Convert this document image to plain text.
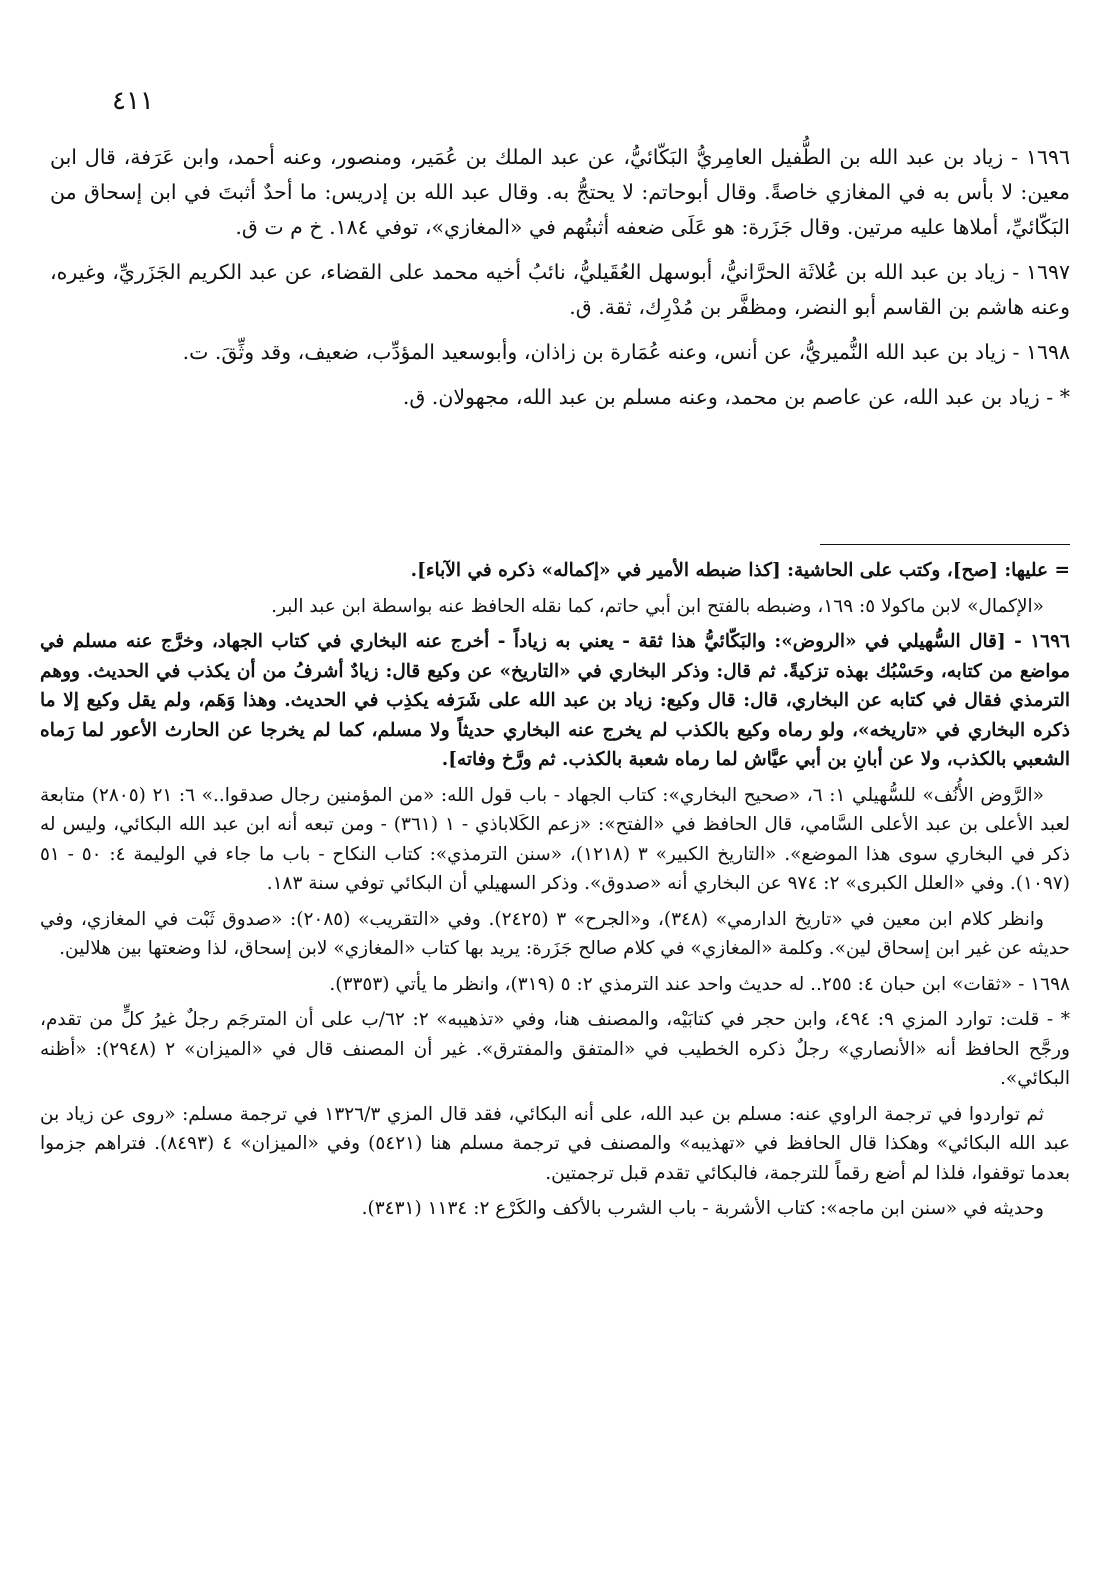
٤١١

١٦٩٦ - زياد بن عبد الله بن الطُّفيل العامِريُّ البَكّائيُّ، عن عبد الملك بن عُمَير، ومنصور، وعنه أحمد، وابن عَرَفة، قال ابن معين: لا بأس به في المغازي خاصةً. وقال أبوحاتم: لا يحتجُّ به. وقال عبد الله بن إدريس: ما أحدٌ أثبتَ في ابن إسحاق من البَكّائيِّ، أملاها عليه مرتين. وقال جَزَرة: هو عَلَى ضعفه أثبتُهم في «المغازي»، توفي ١٨٤. خ م ت ق.

١٦٩٧ - زياد بن عبد الله بن عُلاثَة الحرَّانيُّ، أبوسهل العُقَيليُّ، نائبُ أخيه محمد على القضاء، عن عبد الكريم الجَزَريِّ، وغيره، وعنه هاشم بن القاسم أبو النضر، ومظفَّر بن مُدْرِك، ثقة. ق.

١٦٩٨ - زياد بن عبد الله النُّميريُّ، عن أنس، وعنه عُمَارة بن زاذان، وأبوسعيد المؤدِّب، ضعيف، وقد وثِّقَ. ت.

* - زياد بن عبد الله، عن عاصم بن محمد، وعنه مسلم بن عبد الله، مجهولان. ق.

= عليها: [صح]، وكتب على الحاشية: [كذا ضبطه الأمير في «إكماله» ذكره في الآباء].

«الإكمال» لابن ماكولا ٥: ١٦٩، وضبطه بالفتح ابن أبي حاتم، كما نقله الحافظ عنه بواسطة ابن عبد البر.

١٦٩٦ - [قال السُّهيلي في «الروض»: والبَكّائيُّ هذا ثقة - يعني به زياداً - أخرج عنه البخاري في كتاب الجهاد، وخرَّج عنه مسلم في مواضع من كتابه، وحَسْبُك بهذه تزكيةً. ثم قال: وذكر البخاري في «التاريخ» عن وكيع قال: زيادٌ أشرفُ من أن يكذب في الحديث. ووهم الترمذي فقال في كتابه عن البخاري، قال: قال وكيع: زياد بن عبد الله على شَرَفه يكذِب في الحديث. وهذا وَهَم، ولم يقل وكيع إلا ما ذكره البخاري في «تاريخه»، ولو رماه وكيع بالكذب لم يخرج عنه البخاري حديثاً ولا مسلم، كما لم يخرجا عن الحارث الأعور لما رَماه الشعبي بالكذب، ولا عن أبانِ بن أبي عيَّاش لما رماه شعبة بالكذب. ثم ورَّخ وفاته].

«الرَّوض الأُنُف» للسُّهيلي ١: ٦، «صحيح البخاري»: كتاب الجهاد - باب قول الله: «من المؤمنين رجال صدقوا..» ٦: ٢١ (٢٨٠٥) متابعة لعبد الأعلى بن عبد الأعلى السَّامي، قال الحافظ في «الفتح»: «زعم الكَلاباذي - ١ (٣٦١) - ومن تبعه أنه ابن عبد الله البكائي، وليس له ذكر في البخاري سوى هذا الموضع». «التاريخ الكبير» ٣ (١٢١٨)، «سنن الترمذي»: كتاب النكاح - باب ما جاء في الوليمة ٤: ٥٠ - ٥١ (١٠٩٧). وفي «العلل الكبرى» ٢: ٩٧٤ عن البخاري أنه «صدوق». وذكر السهيلي أن البكائي توفي سنة ١٨٣.

وانظر كلام ابن معين في «تاريخ الدارمي» (٣٤٨)، و«الجرح» ٣ (٢٤٢٥). وفي «التقريب» (٢٠٨٥): «صدوق ثَبْت في المغازي، وفي حديثه عن غير ابن إسحاق لين». وكلمة «المغازي» في كلام صالح جَزَرة: يريد بها كتاب «المغازي» لابن إسحاق، لذا وضعتها بين هلالين.

١٦٩٨ - «ثقات» ابن حبان ٤: ٢٥٥.. له حديث واحد عند الترمذي ٢: ٥ (٣١٩)، وانظر ما يأتي (٣٣٥٣).

* - قلت: توارد المزي ٩: ٤٩٤، وابن حجر في كتابَيْه، والمصنف هنا، وفي «تذهيبه» ٢: ٦٢/ب على أن المترجَم رجلٌ غيرُ كلٍّ من تقدم، ورجَّح الحافظ أنه «الأنصاري» رجلٌ ذكره الخطيب في «المتفق والمفترق». غير أن المصنف قال في «الميزان» ٢ (٢٩٤٨): «أظنه البكائي».

ثم تواردوا في ترجمة الراوي عنه: مسلم بن عبد الله، على أنه البكائي، فقد قال المزي ١٣٢٦/٣ في ترجمة مسلم: «روى عن زياد بن عبد الله البكائي» وهكذا قال الحافظ في «تهذيبه» والمصنف في ترجمة مسلم هنا (٥٤٢١) وفي «الميزان» ٤ (٨٤٩٣). فتراهم جزموا بعدما توقفوا، فلذا لم أضع رقماً للترجمة، فالبكائي تقدم قبل ترجمتين.

وحديثه في «سنن ابن ماجه»: كتاب الأشربة - باب الشرب بالأكف والكَرْع ٢: ١١٣٤ (٣٤٣١).
